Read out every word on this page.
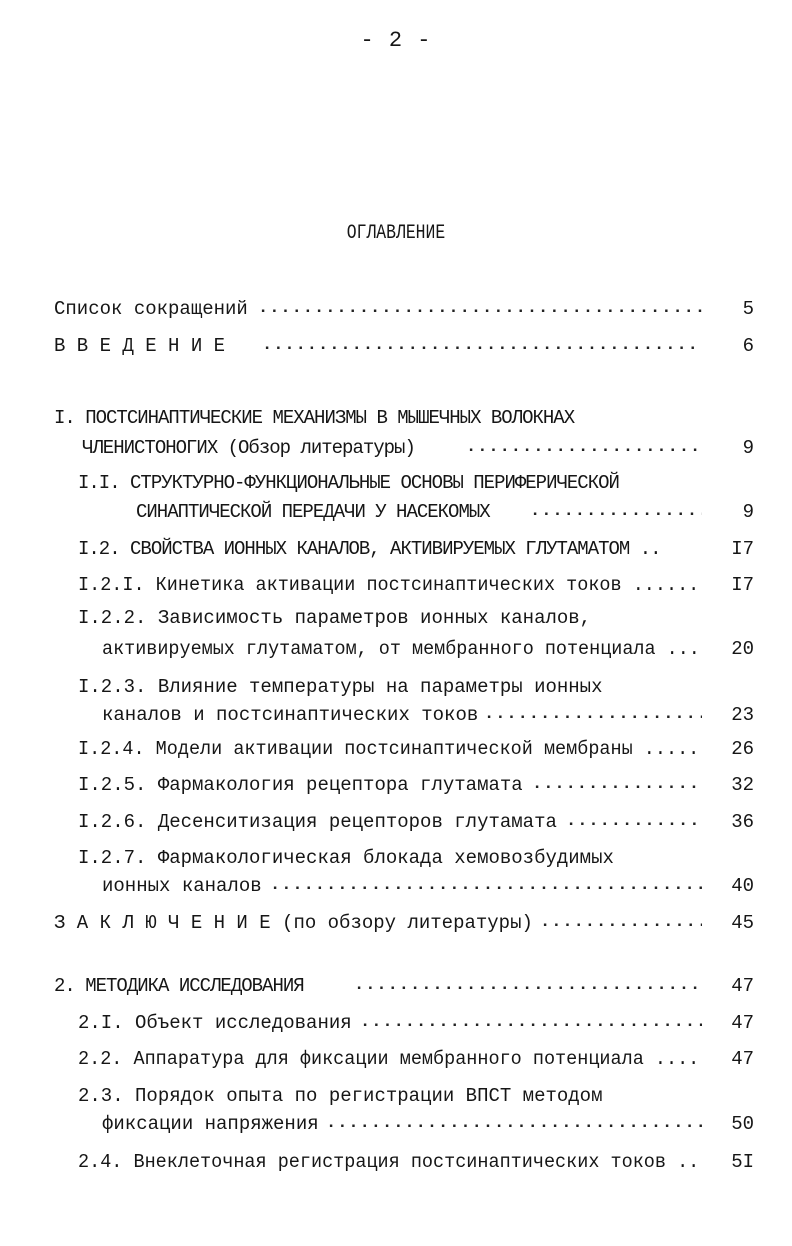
- 2 -
ОГЛАВЛЕНИЕ
Список сокращений .....	5
В В Е Д Е Н И Е .....	6
I. ПОСТСИНАПТИЧЕСКИЕ МЕХАНИЗМЫ В МЫШЕЧНЫХ ВОЛОКНАХ
ЧЛЕНИСТОНОГИХ (Обзор литературы) .....	9
I.I. СТРУКТУРНО-ФУНКЦИОНАЛЬНЫЕ ОСНОВЫ ПЕРИФЕРИЧЕСКОЙ
СИНАПТИЧЕСКОЙ ПЕРЕДАЧИ У НАСЕКОМЫХ .....	9
I.2. СВОЙСТВА ИОННЫХ КАНАЛОВ, АКТИВИРУЕМЫХ ГЛУТАМАТОМ ..	I7
I.2.I. Кинетика активации постсинаптических токов ......	I7
I.2.2. Зависимость параметров ионных каналов,
активируемых глутаматом, от мембранного потенциала ...	20
I.2.3. Влияние температуры на параметры ионных
каналов и постсинаптических токов .....	23
I.2.4. Модели активации постсинаптической мембраны .....	26
I.2.5. Фармакология рецептора глутамата .....	32
I.2.6. Десенситизация рецепторов глутамата .....	36
I.2.7. Фармакологическая блокада хемовозбудимых
ионных каналов .....	40
З А К Л Ю Ч Е Н И Е (по обзору литературы) .....	45
2. МЕТОДИКА ИССЛЕДОВАНИЯ .....	47
2.I. Объект исследования .....	47
2.2. Аппаратура для фиксации мембранного потенциала ....	47
2.3. Порядок опыта по регистрации ВПСТ методом
фиксации напряжения .....	50
2.4. Внеклеточная регистрация постсинаптических токов ..	5I
